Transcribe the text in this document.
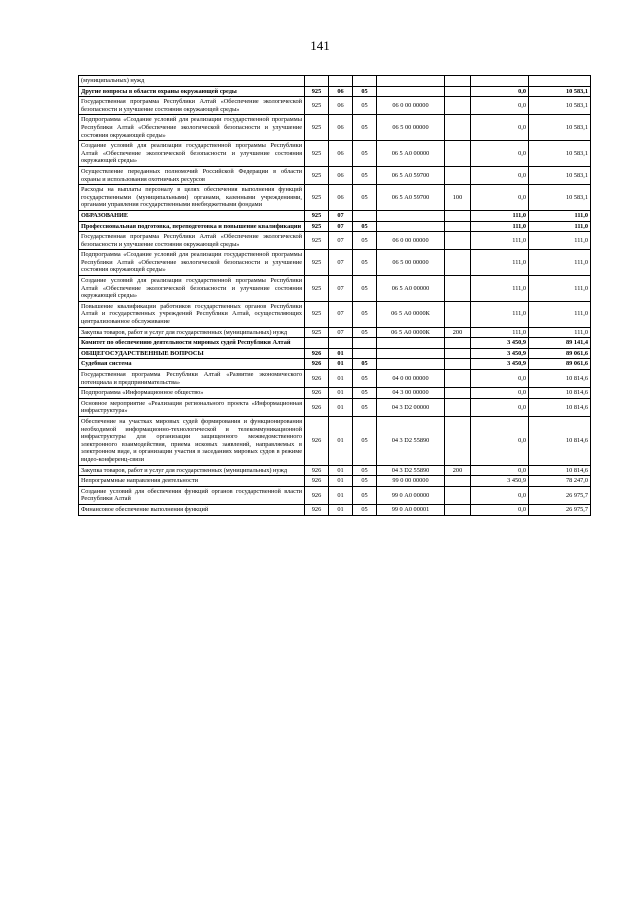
141
(муниципальных) нужд							
Другие вопросы в области охраны окружающей среды	925	06	05			0,0	10 583,1
Государственная программа Республики Алтай «Обеспечение экологической безопасности и улучшение состояния окружающей среды»	925	06	05	06 0 00 00000		0,0	10 583,1
Подпрограмма «Создание условий для реализации государственной программы Республики Алтай «Обеспечение экологической безопасности и улучшение состояния окружающей среды»	925	06	05	06 5 00 00000		0,0	10 583,1
Создание условий для реализации государственной программы Республики Алтай «Обеспечение экологической безопасности и улучшение состояния окружающей среды»	925	06	05	06 5 А0 00000		0,0	10 583,1
Осуществление переданных полномочий Российской Федерации в области охраны и использования охотничьих ресурсов	925	06	05	06 5 А0 59700		0,0	10 583,1
Расходы на выплаты персоналу в целях обеспечения выполнения функций государственными (муниципальными) органами, казенными учреждениями, органами управления государственными внебюджетными фондами	925	06	05	06 5 А0 59700	100	0,0	10 583,1
ОБРАЗОВАНИЕ	925	07				111,0	111,0
Профессиональная подготовка, переподготовка и повышение квалификации	925	07	05			111,0	111,0
Государственная программа Республики Алтай «Обеспечение экологической безопасности и улучшение состояния окружающей среды»	925	07	05	06 0 00 00000		111,0	111,0
Подпрограмма «Создание условий для реализации государственной программы Республики Алтай «Обеспечение экологической безопасности и улучшение состояния окружающей среды»	925	07	05	06 5 00 00000		111,0	111,0
Создание условий для реализации государственной программы Республики Алтай «Обеспечение экологической безопасности и улучшение состояния окружающей среды»	925	07	05	06 5 А0 00000		111,0	111,0
Повышение квалификации работников государственных органов Республики Алтай и государственных учреждений Республики Алтай, осуществляющих централизованное обслуживание	925	07	05	06 5 А0 0000К		111,0	111,0
Закупка товаров, работ и услуг для государственных (муниципальных) нужд	925	07	05	06 5 А0 0000К	200	111,0	111,0
Комитет по обеспечению деятельности мировых судей Республики Алтай						3 450,9	89 141,4
ОБЩЕГОСУДАРСТВЕННЫЕ ВОПРОСЫ	926	01				3 450,9	89 061,6
Судебная система	926	01	05			3 450,9	89 061,6
Государственная программа Республики Алтай «Развитие экономического потенциала и предпринимательства»	926	01	05	04 0 00 00000		0,0	10 814,6
Подпрограмма «Информационное общество»	926	01	05	04 3 00 00000		0,0	10 814,6
Основное мероприятие «Реализация регионального проекта «Информационная инфраструктура»	926	01	05	04 3 D2 00000		0,0	10 814,6
Обеспечение на участках мировых судей формирования и функционирования необходимой информационно-технологической и телекоммуникационной инфраструктуры для организации защищенного межведомственного электронного взаимодействия, приема исковых заявлений, направляемых в электронном виде, и организации участия в заседаниях мировых судов в режиме видео-конференц-связи	926	01	05	04 3 D2 55890		0,0	10 814,6
Закупка товаров, работ и услуг для государственных (муниципальных) нужд	926	01	05	04 3 D2 55890	200	0,0	10 814,6
Непрограммные направления деятельности	926	01	05	99 0 00 00000		3 450,9	78 247,0
Создание условий для обеспечения функций органов государственной власти Республики Алтай	926	01	05	99 0 А0 00000		0,0	26 975,7
Финансовое обеспечение выполнения функций	926	01	05	99 0 А0 00001		0,0	26 975,7
